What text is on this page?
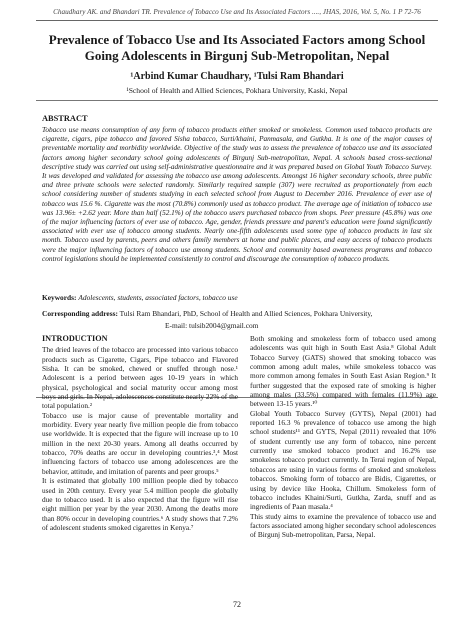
Chaudhary AK. and Bhandari TR. Prevalence of Tobacco Use and Its Associated Factors ...., JHAS, 2016, Vol. 5, No. 1 P 72-76
Prevalence of Tobacco Use and Its Associated Factors among School Going Adolescents in Birgunj Sub-Metropolitan, Nepal
¹Arbind Kumar Chaudhary, ¹Tulsi Ram Bhandari
¹School of Health and Allied Sciences, Pokhara University, Kaski, Nepal
ABSTRACT
Tobacco use means consumption of any form of tobacco products either smoked or smokeless. Common used tobacco products are cigarette, cigars, pipe tobacco and favored Sisha tobacco, Surti/khaini, Panmasala, and Gutkha. It is one of the major causes of preventable mortality and morbidity worldwide. Objective of the study was to assess the prevalence of tobacco use and its associated factors among higher secondary school going adolescents of Birgunj Sub-metropolitan, Nepal. A schools based cross-sectional descriptive study was carried out using self-administrative questionnaire and it was prepared based on Global Youth Tobacco Survey. It was developed and validated for assessing the tobacco use among adolescents. Amongst 16 higher secondary schools, three public and three private schools were selected randomly. Similarly required sample (307) were recruited as proportionately from each school considering number of students studying in each selected school from August to December 2016. Prevalence of ever use of tobacco was 15.6 %. Cigarette was the most (70.8%) commonly used as tobacco product. The average age of initiation of tobacco use was 13.96± +2.62 year. More than half (52.1%) of the tobacco users purchased tobacco from shops. Peer pressure (45.8%) was one of the major influencing factors of ever use of tobacco. Age, gender, friends pressure and parent's education were found significantly associated with ever use of tobacco among students. Nearly one-fifth adolescents used some type of tobacco products in last six month. Tobacco used by parents, peers and others family members at home and public places, and easy access of tobacco products were the major influencing factors of tobacco use among students. School and community based awareness programs and tobacco control legislations should be implemented consistently to control and discourage the consumption of tobacco products.
Keywords: Adolescents, students, associated factors, tobacco use
Corresponding address: Tulsi Ram Bhandari, PhD, School of Health and Allied Sciences, Pokhara University,
E-mail: tulsib2004@gmail.com
INTRODUCTION

The dried leaves of the tobacco are processed into various tobacco products such as Cigarette, Cigars, Pipe tobacco and Flavored Sisha. It can be smoked, chewed or snuffed through nose.¹ Adolescent is a period between ages 10-19 years in which physical, psychological and social maturity occur among most boys and girls. In Nepal, adolescences constitute nearly 22% of the total population.²

Tobacco use is major cause of preventable mortality and morbidity. Every year nearly five million people die from tobacco use worldwide. It is expected that the figure will increase up to 10 million in the next 20-30 years. Among all deaths occurred by tobacco, 70% deaths are occur in developing countries.³,⁴ Most influencing factors of tobacco use among adolescences are the behavior, attitude, and imitation of parents and peer groups.⁵

It is estimated that globally 100 million people died by tobacco used in 20th century. Every year 5.4 million people die globally due to tobacco used. It is also expected that the figure will rise eight million per year by the year 2030. Among the deaths more than 80% occur in developing countries.⁶ A study shows that 7.2% of adolescent students smoked cigarettes in Kenya.⁷

Both smoking and smokeless form of tobacco used among adolescents was quit high in South East Asia.⁸ Global Adult Tobacco Survey (GATS) showed that smoking tobacco was common among adult males, while smokeless tobacco was more common among females in South East Asian Region.⁹ It further suggested that the exposed rate of smoking is higher among males (33.5%) compared with females (11.9%) age between 13-15 years.¹⁰

Global Youth Tobacco Survey (GYTS), Nepal (2001) had reported 16.3 % prevalence of tobacco use among the high school students¹¹ and GYTS, Nepal (2011) revealed that 10% of student currently use any form of tobacco, nine percent currently use smoked tobacco product and 16.2% use smokeless tobacco product currently. In Terai region of Nepal, tobaccos are using in various forms of smoked and smokeless tobaccos. Smoking form of tobacco are Bidis, Cigarettes, or using by device like Hooka, Chillum. Smokeless form of tobacco includes Khaini/Surti, Gutkha, Zarda, snuff and as ingredients of Paan masala.⁴

This study aims to examine the prevalence of tobacco use and factors associated among higher secondary school adolescences of Birgunj Sub-metropolitan, Parsa, Nepal.

72
